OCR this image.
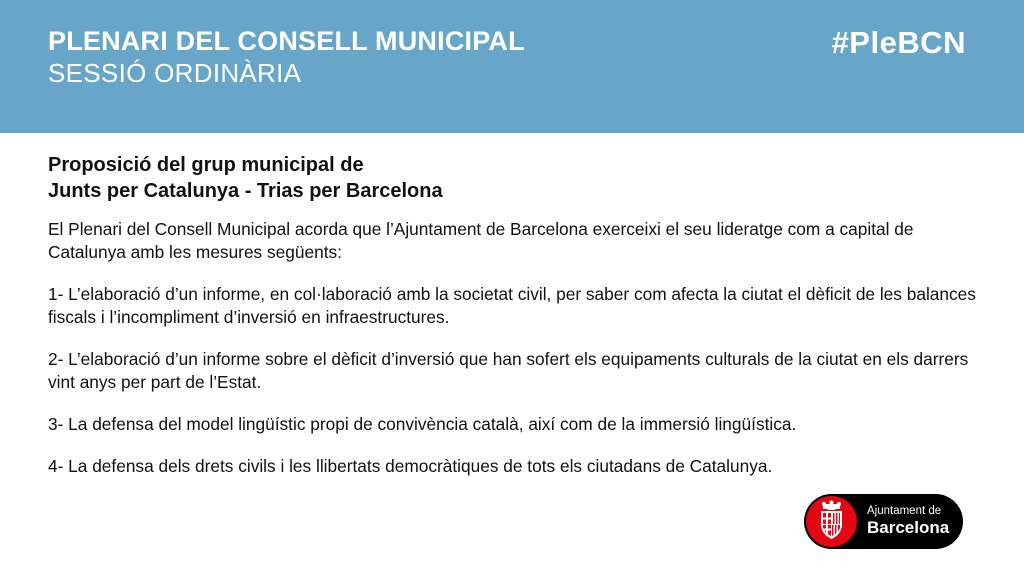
PLENARI DEL CONSELL MUNICIPAL
SESSIÓ ORDINÀRIA
#PleBCN
Proposició del grup municipal de
Junts per Catalunya - Trias per Barcelona

El Plenari del Consell Municipal acorda que l’Ajuntament de Barcelona exerceixi el seu lideratge com a capital de Catalunya amb les mesures següents:

1- L’elaboració d’un informe, en col·laboració amb la societat civil, per saber com afecta la ciutat el dèficit de les balances fiscals i l’incompliment d’inversió en infraestructures.

2- L’elaboració d’un informe sobre el dèficit d’inversió que han sofert els equipaments culturals de la ciutat en els darrers vint anys per part de l’Estat.

3- La defensa del model lingüístic propi de convivència català, així com de la immersió lingüística.

4- La defensa dels drets civils i les llibertats democràtiques de tots els ciutadans de Catalunya.

Ajuntament de
Barcelona
